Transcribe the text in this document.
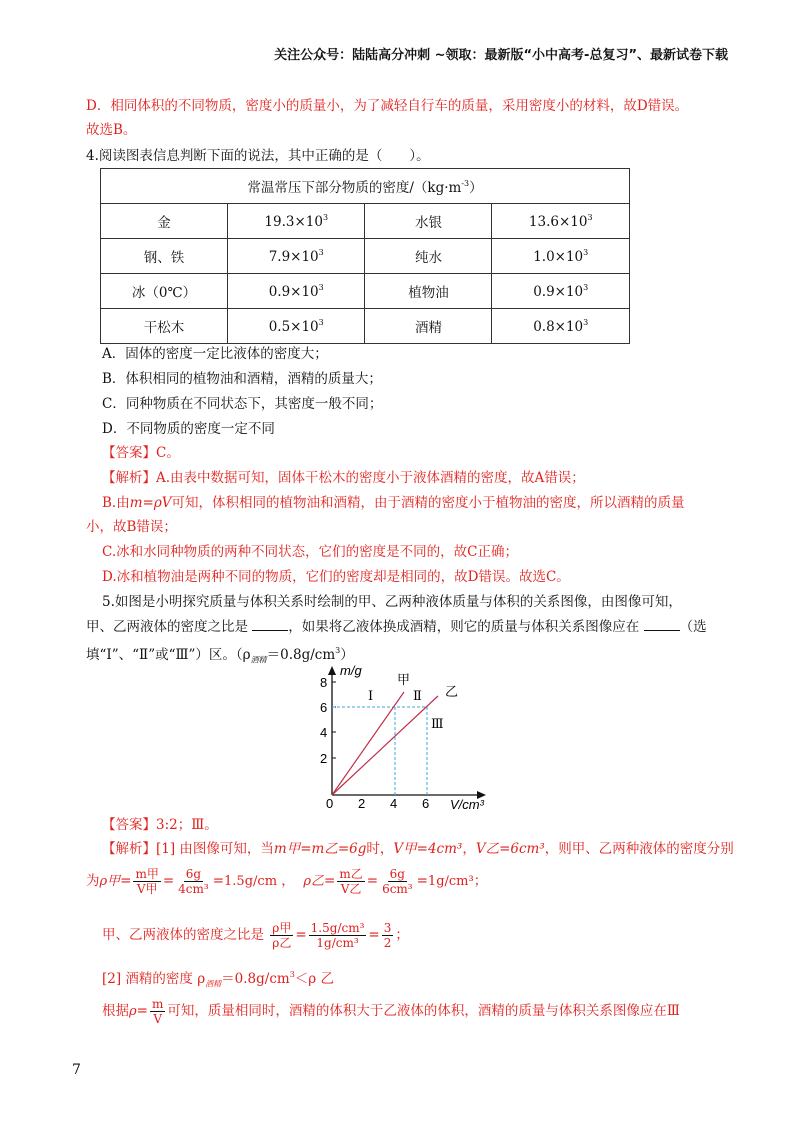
关注公众号：陆陆高分冲刺 ~领取：最新版“小中高考-总复习”、最新试卷下载
D．相同体积的不同物质，密度小的质量小，为了减轻自行车的质量，采用密度小的材料，故D错误。
故选B。
4.阅读图表信息判断下面的说法，其中正确的是（　　）。
常温常压下部分物质的密度$/(kg\cdot m^{-3})$			
金	$19.3\times 10^3$	水银	$13.6\times 10^3$
钢、铁	$7.9\times 10^3$	纯水	$1.0\times 10^3$
冰（0℃）	$0.9\times 10^3$	植物油	$0.9\times 10^3$
干松木	$0.5\times 10^3$	酒精	$0.8\times 10^3$
A．固体的密度一定比液体的密度大；
B．体积相同的植物油和酒精，酒精的质量大；
C．同种物质在不同状态下，其密度一般不同；
D．不同物质的密度一定不同
【答案】C。
【解析】A.由表中数据可知，固体干松木的密度小于液体酒精的密度，故A错误；
B.由m=ρV可知，体积相同的植物油和酒精，由于酒精的密度小于植物油的密度，所以酒精的质量
小，故B错误；
C.冰和水同种物质的两种不同状态，它们的密度是不同的，故C正确；
D.冰和植物油是两种不同的物质，它们的密度却是相同的，故D错误。故选C。
5.如图是小明探究质量与体积关系时绘制的甲、乙两种液体质量与体积的关系图像，由图像可知，
甲、乙两液体的密度之比是	，如果将乙液体换成酒精，则它的质量与体积关系图像应在	（选
填“Ⅰ”、“Ⅱ”或“Ⅲ”）区。$(\rho_{酒精}=0.8g/cm^3)$
2
4
6
8
0 2 4 6
m/g
V/cm³
甲
乙
Ⅰ	Ⅱ
Ⅲ
【答案】3:2；Ⅲ。
【解析】[1] 由图像可知，当m甲=m乙=6g时，V甲=4cm³，V乙=6cm³，则甲、乙两种液体的密度分别
为ρ甲= $\frac{\text{m甲}}{\text{V甲}} = \frac{6g}{\text{4cm³}} =1.5g/cm$ ，  ρ乙= $\frac{\text{m乙}}{\text{V乙}} = \frac{6g}{\text{6cm³}} =1g/cm^3$；
甲、乙两液体的密度之比是 $\frac{\text{ρ甲}}{\text{ρ乙}} = \frac{\text{1.5g/cm³}}{\text{1g/cm³}} = \frac{3}{2}$ ；
[2] 酒精的密度 $\rho_{酒精}=0.8g/cm^3<\rho$ 乙
根据$\rho= \frac{m}{V}$ 可知，质量相同时，酒精的体积大于乙液体的体积，酒精的质量与体积关系图像应在Ⅲ
7
